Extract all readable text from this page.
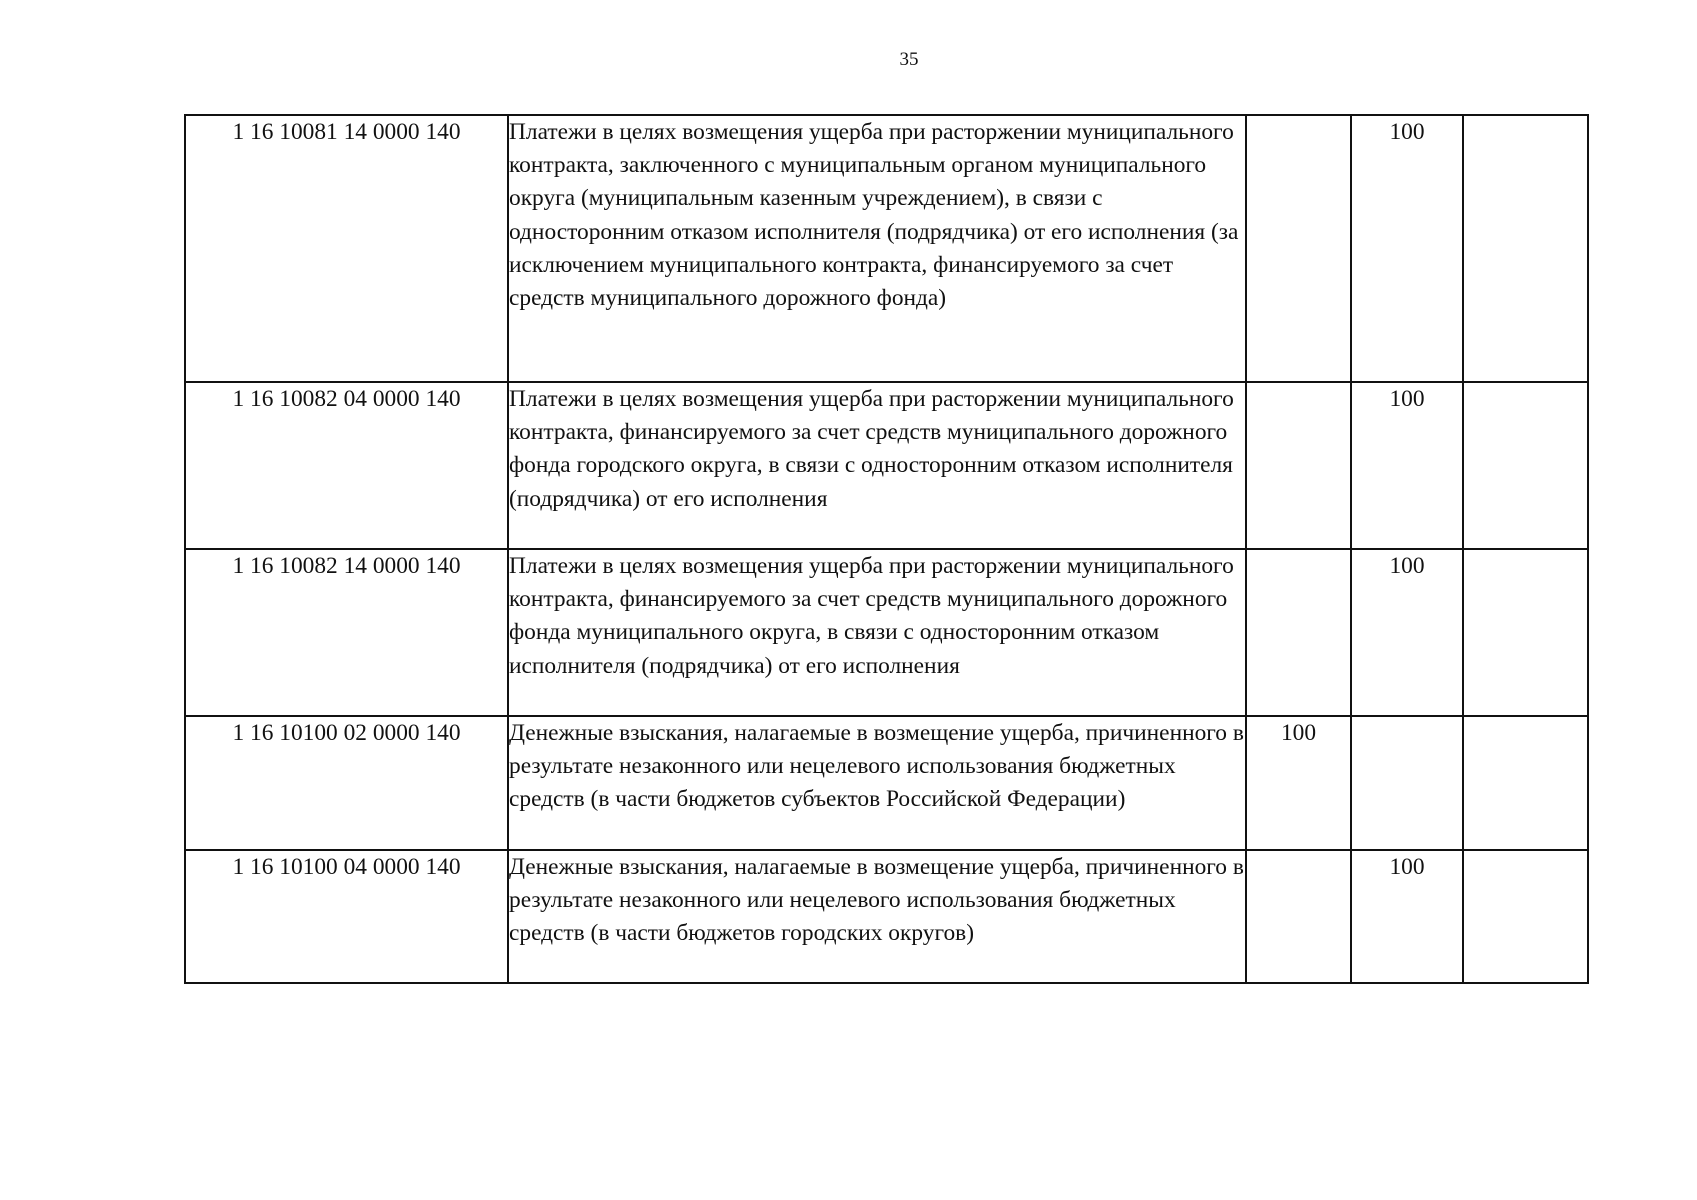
35
1 16 10081 14 0000 140	Платежи в целях возмещения ущерба при расторжении муниципального контракта, заключенного с муниципальным органом муниципального округа (муниципальным казенным учреждением), в связи с односторонним отказом исполнителя (подрядчика) от его исполнения (за исключением муниципального контракта, финансируемого за счет средств муниципального дорожного фонда)		100	
1 16 10082 04 0000 140	Платежи в целях возмещения ущерба при расторжении муниципального контракта, финансируемого за счет средств муниципального дорожного фонда городского округа, в связи с односторонним отказом исполнителя (подрядчика) от его исполнения		100	
1 16 10082 14 0000 140	Платежи в целях возмещения ущерба при расторжении муниципального контракта, финансируемого за счет средств муниципального дорожного фонда муниципального округа, в связи с односторонним отказом исполнителя (подрядчика) от его исполнения		100	
1 16 10100 02 0000 140	Денежные взыскания, налагаемые в возмещение ущерба, причиненного в результате незаконного или нецелевого использования бюджетных средств (в части бюджетов субъектов Российской Федерации)	100		
1 16 10100 04 0000 140	Денежные взыскания, налагаемые в возмещение ущерба, причиненного в результате незаконного или нецелевого использования бюджетных средств (в части бюджетов городских округов)		100	
